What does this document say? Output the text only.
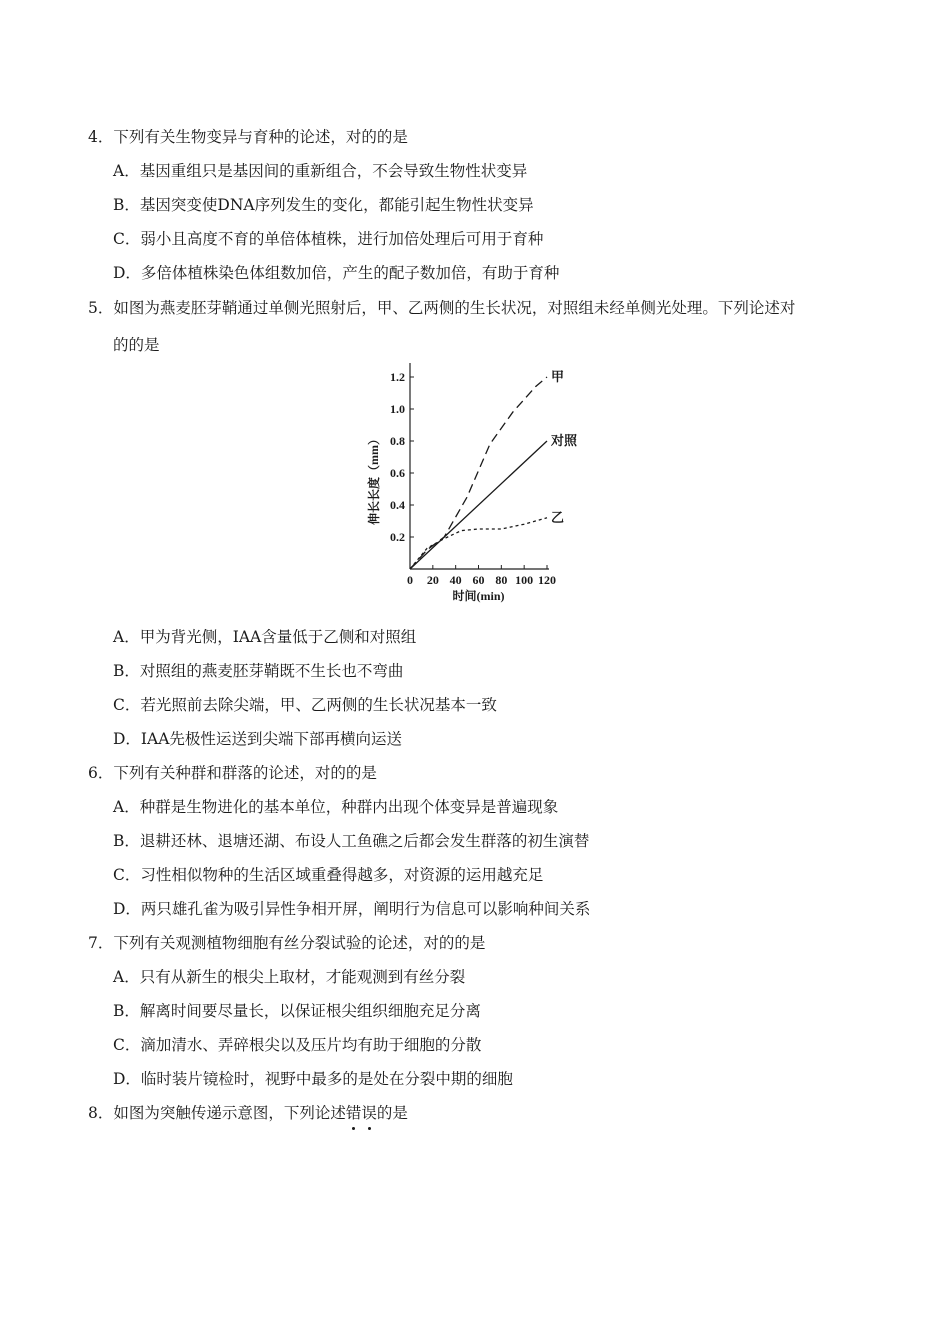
4．下列有关生物变异与育种的论述，对的的是
A．基因重组只是基因间的重新组合，不会导致生物性状变异
B．基因突变使DNA序列发生的变化，都能引起生物性状变异
C．弱小且高度不育的单倍体植株，进行加倍处理后可用于育种
D．多倍体植株染色体组数加倍，产生的配子数加倍，有助于育种
5．如图为燕麦胚芽鞘通过单侧光照射后，甲、乙两侧的生长状况，对照组未经单侧光处理。下列论述对
的的是
0 20 40 60 80 100 120
0.2
0.4
0.6
0.8
1.0
1.2	甲
对照
乙
时间(min)
伸长长度（mm）
A．甲为背光侧，IAA含量低于乙侧和对照组
B．对照组的燕麦胚芽鞘既不生长也不弯曲
C．若光照前去除尖端，甲、乙两侧的生长状况基本一致
D．IAA先极性运送到尖端下部再横向运送
6．下列有关种群和群落的论述，对的的是
A．种群是生物进化的基本单位，种群内出现个体变异是普遍现象
B．退耕还林、退塘还湖、布设人工鱼礁之后都会发生群落的初生演替
C．习性相似物种的生活区域重叠得越多，对资源的运用越充足
D．两只雄孔雀为吸引异性争相开屏，阐明行为信息可以影响种间关系
7．下列有关观测植物细胞有丝分裂试验的论述，对的的是
A．只有从新生的根尖上取材，才能观测到有丝分裂
B．解离时间要尽量长，以保证根尖组织细胞充足分离
C．滴加清水、弄碎根尖以及压片均有助于细胞的分散
D．临时装片镜检时，视野中最多的是处在分裂中期的细胞
8．如图为突触传递示意图，下列论述错
误
的是
